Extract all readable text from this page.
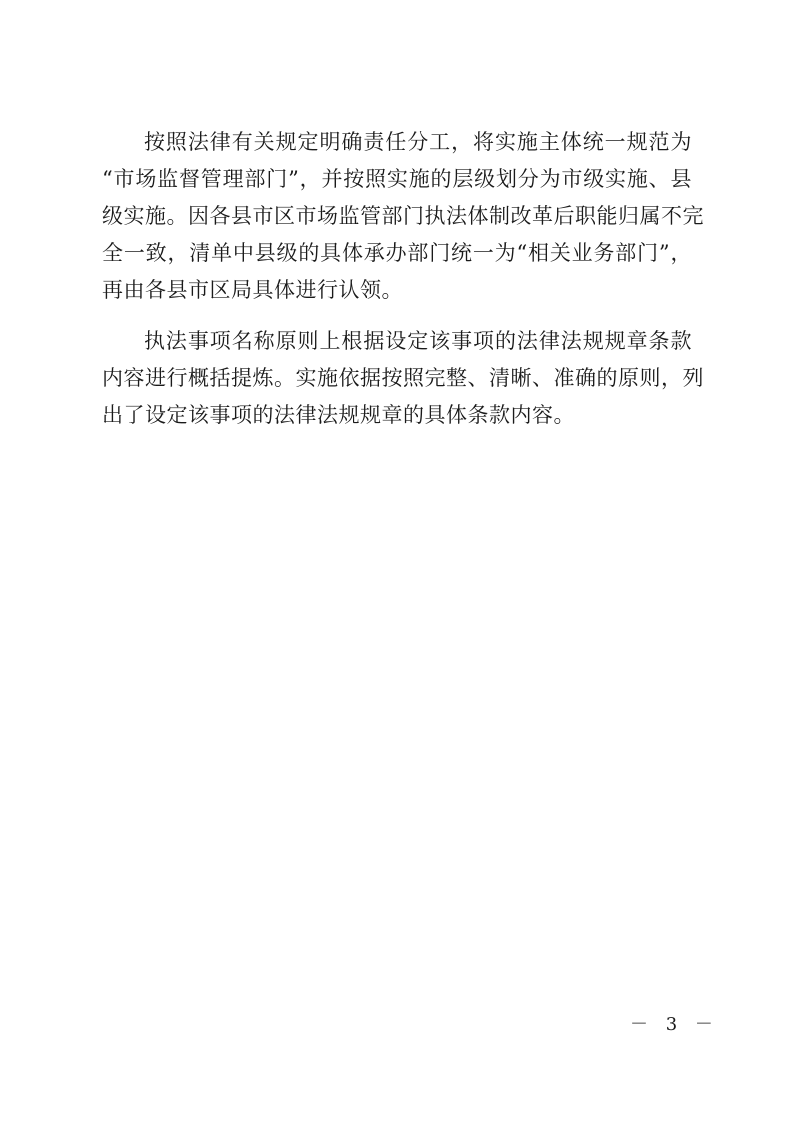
按照法律有关规定明确责任分工，将实施主体统一规范为
“市场监督管理部门”，并按照实施的层级划分为市级实施、县
级实施。因各县市区市场监管部门执法体制改革后职能归属不完
全一致，清单中县级的具体承办部门统一为“相关业务部门”，
再由各县市区局具体进行认领。
执法事项名称原则上根据设定该事项的法律法规规章条款
内容进行概括提炼。实施依据按照完整、清晰、准确的原则，列
出了设定该事项的法律法规规章的具体条款内容。
－ 3 －
